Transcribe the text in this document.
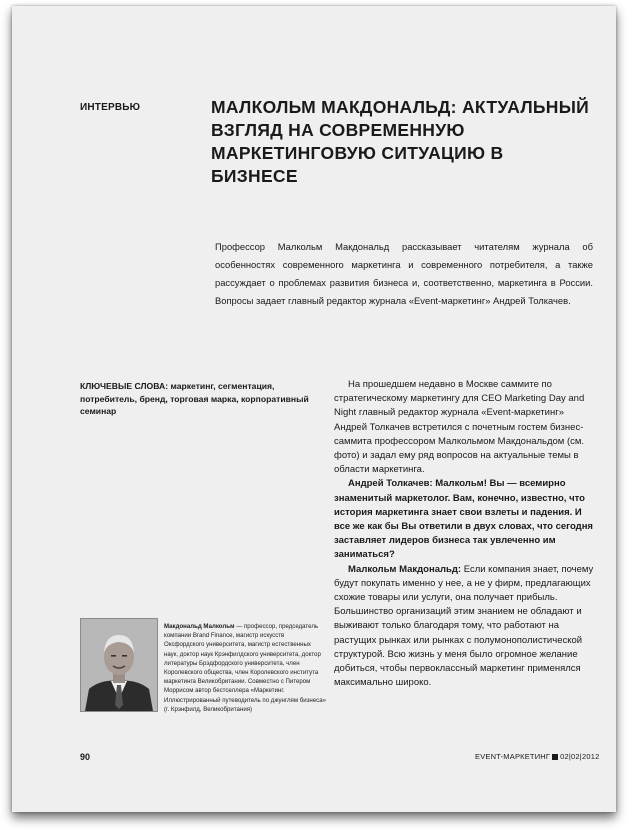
ИНТЕРВЬЮ	МАЛКОЛЬМ МАКДОНАЛЬД: АКТУАЛЬНЫЙ ВЗГЛЯД НА СОВРЕМЕННУЮ МАРКЕТИНГОВУЮ СИТУАЦИЮ В БИЗНЕСЕ
Профессор Малкольм Макдональд рассказывает читателям журнала об особенностях современного маркетинга и современного потребителя, а также рассуждает о проблемах развития бизнеса и, соответственно, маркетинга в России. Вопросы задает главный редактор журнала «Event-маркетинг» Андрей Толкачев.
КЛЮЧЕВЫЕ СЛОВА: маркетинг, сегментация, потребитель, бренд, торговая марка, корпоративный семинар

На прошедшем недавно в Москве саммите по стратегическому маркетингу для CEO Marketing Day and Night главный редактор журнала «Event-маркетинг» Андрей Толкачев встретился с почетным гостем бизнес-саммита профессором Малкольмом Макдональдом (см. фото) и задал ему ряд вопросов на актуальные темы в области маркетинга.

Андрей Толкачев: Малкольм! Вы — всемирно знаменитый маркетолог. Вам, конечно, известно, что история маркетинга знает свои взлеты и падения. И все же как бы Вы ответили в двух словах, что сегодня заставляет лидеров бизнеса так увлеченно им заниматься?

Малкольм Макдональд: Если компания знает, почему будут покупать именно у нее, а не у фирм, предлагающих схожие товары или услуги, она получает прибыль. Большинство организаций этим знанием не обладают и выживают только благодаря тому, что работают на растущих рынках или рынках с полумонополистической структурой. Всю жизнь у меня было огромное желание добиться, чтобы первоклассный маркетинг применялся максимально широко.

Макдональд Малкольм — профессор, председатель компании Brand Finance, магистр искусств Оксфордского университета, магистр естественных наук, доктор наук Крэнфилдского университета, доктор литературы Брэдфордского университета, член Королевского общества, член Королевского института маркетинга Великобритании. Совместно с Питером Моррисом автор бестселлера «Маркетинг. Иллюстрированный путеводитель по джунглям бизнеса» (г. Крэнфилд, Великобритания)
90	EVENT-МАРКЕТИНГ 02|02|2012
